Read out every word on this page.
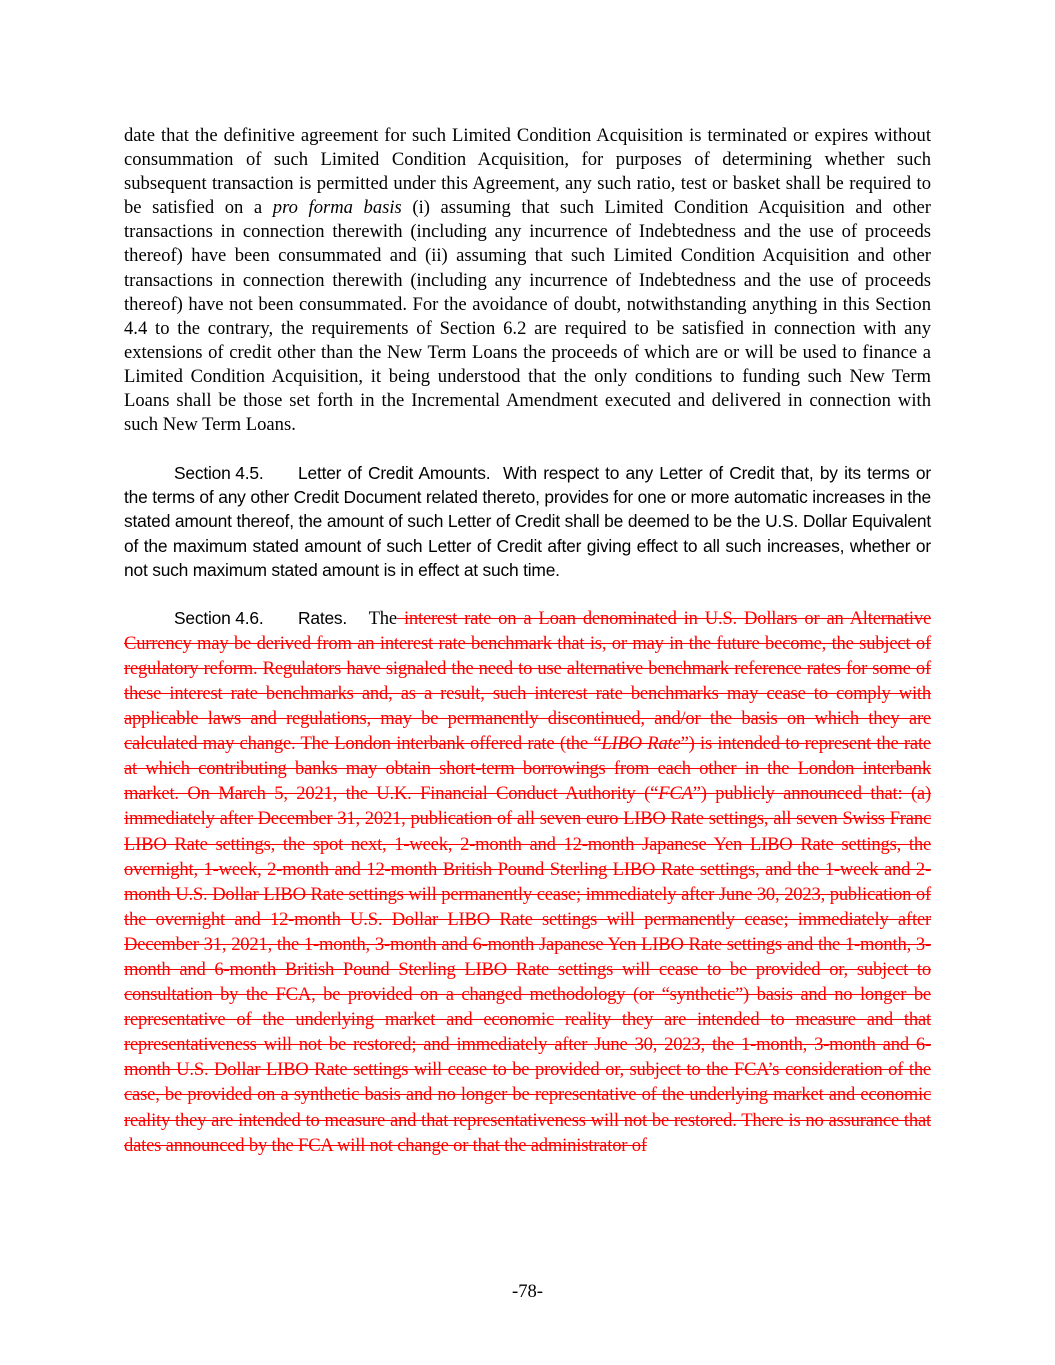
date that the definitive agreement for such Limited Condition Acquisition is terminated or expires without consummation of such Limited Condition Acquisition, for purposes of determining whether such subsequent transaction is permitted under this Agreement, any such ratio, test or basket shall be required to be satisfied on a pro forma basis (i) assuming that such Limited Condition Acquisition and other transactions in connection therewith (including any incurrence of Indebtedness and the use of proceeds thereof) have been consummated and (ii) assuming that such Limited Condition Acquisition and other transactions in connection therewith (including any incurrence of Indebtedness and the use of proceeds thereof) have not been consummated. For the avoidance of doubt, notwithstanding anything in this Section 4.4 to the contrary, the requirements of Section 6.2 are required to be satisfied in connection with any extensions of credit other than the New Term Loans the proceeds of which are or will be used to finance a Limited Condition Acquisition, it being understood that the only conditions to funding such New Term Loans shall be those set forth in the Incremental Amendment executed and delivered in connection with such New Term Loans.

Section 4.5. Letter of Credit Amounts. With respect to any Letter of Credit that, by its terms or the terms of any other Credit Document related thereto, provides for one or more automatic increases in the stated amount thereof, the amount of such Letter of Credit shall be deemed to be the U.S. Dollar Equivalent of the maximum stated amount of such Letter of Credit after giving effect to all such increases, whether or not such maximum stated amount is in effect at such time.

Section 4.6. Rates. The interest rate on a Loan denominated in U.S. Dollars or an Alternative Currency may be derived from an interest rate benchmark that is, or may in the future become, the subject of regulatory reform. Regulators have signaled the need to use alternative benchmark reference rates for some of these interest rate benchmarks and, as a result, such interest rate benchmarks may cease to comply with applicable laws and regulations, may be permanently discontinued, and/or the basis on which they are calculated may change. The London interbank offered rate (the “LIBO Rate”) is intended to represent the rate at which contributing banks may obtain short-term borrowings from each other in the London interbank market. On March 5, 2021, the U.K. Financial Conduct Authority (“FCA”) publicly announced that: (a) immediately after December 31, 2021, publication of all seven euro LIBO Rate settings, all seven Swiss Franc LIBO Rate settings, the spot next, 1-week, 2-month and 12-month Japanese Yen LIBO Rate settings, the overnight, 1-week, 2-month and 12-month British Pound Sterling LIBO Rate settings, and the 1-week and 2-month U.S. Dollar LIBO Rate settings will permanently cease; immediately after June 30, 2023, publication of the overnight and 12-month U.S. Dollar LIBO Rate settings will permanently cease; immediately after December 31, 2021, the 1-month, 3-month and 6-month Japanese Yen LIBO Rate settings and the 1-month, 3-month and 6-month British Pound Sterling LIBO Rate settings will cease to be provided or, subject to consultation by the FCA, be provided on a changed methodology (or “synthetic”) basis and no longer be representative of the underlying market and economic reality they are intended to measure and that representativeness will not be restored; and immediately after June 30, 2023, the 1-month, 3-month and 6-month U.S. Dollar LIBO Rate settings will cease to be provided or, subject to the FCA’s consideration of the case, be provided on a synthetic basis and no longer be representative of the underlying market and economic reality they are intended to measure and that representativeness will not be restored. There is no assurance that dates announced by the FCA will not change or that the administrator of

-78-
